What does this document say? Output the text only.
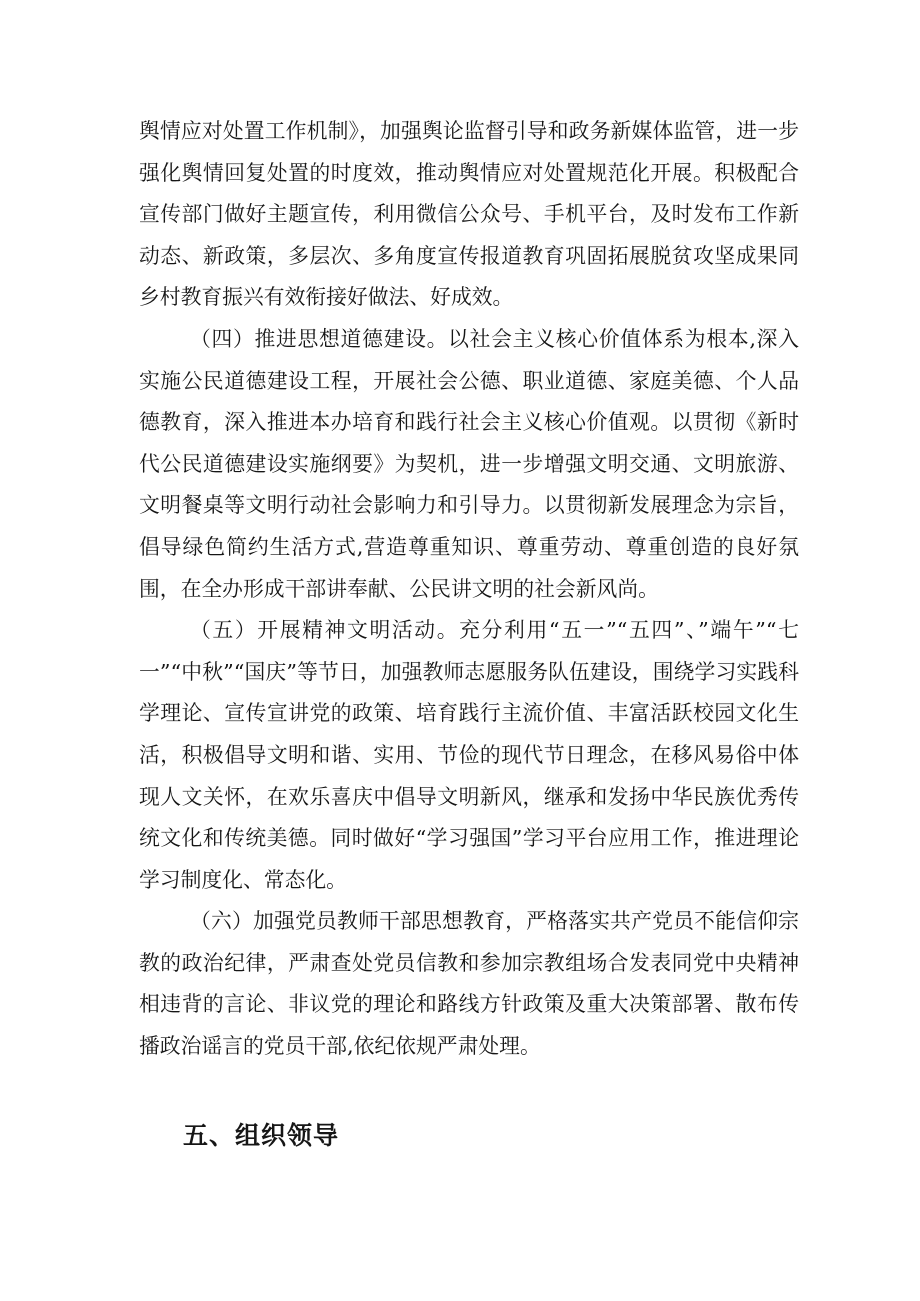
舆情应对处置工作机制》，加强舆论监督引导和政务新媒体监管，进一步强化舆情回复处置的时度效，推动舆情应对处置规范化开展。积极配合宣传部门做好主题宣传，利用微信公众号、手机平台，及时发布工作新动态、新政策，多层次、多角度宣传报道教育巩固拓展脱贫攻坚成果同乡村教育振兴有效衔接好做法、好成效。

（四）推进思想道德建设。以社会主义核心价值体系为根本,深入实施公民道德建设工程，开展社会公德、职业道德、家庭美德、个人品德教育，深入推进本办培育和践行社会主义核心价值观。以贯彻《新时代公民道德建设实施纲要》为契机，进一步增强文明交通、文明旅游、文明餐桌等文明行动社会影响力和引导力。以贯彻新发展理念为宗旨，倡导绿色简约生活方式,营造尊重知识、尊重劳动、尊重创造的良好氛围，在全办形成干部讲奉献、公民讲文明的社会新风尚。

（五）开展精神文明活动。充分利用“五一”“五四”、”端午”“七一”“中秋”“国庆”等节日，加强教师志愿服务队伍建设，围绕学习实践科学理论、宣传宣讲党的政策、培育践行主流价值、丰富活跃校园文化生活，积极倡导文明和谐、实用、节俭的现代节日理念，在移风易俗中体现人文关怀，在欢乐喜庆中倡导文明新风，继承和发扬中华民族优秀传统文化和传统美德。同时做好“学习强国”学习平台应用工作，推进理论学习制度化、常态化。

（六）加强党员教师干部思想教育，严格落实共产党员不能信仰宗教的政治纪律，严肃查处党员信教和参加宗教组场合发表同党中央精神相违背的言论、非议党的理论和路线方针政策及重大决策部署、散布传播政治谣言的党员干部,依纪依规严肃处理。

五、组织领导
